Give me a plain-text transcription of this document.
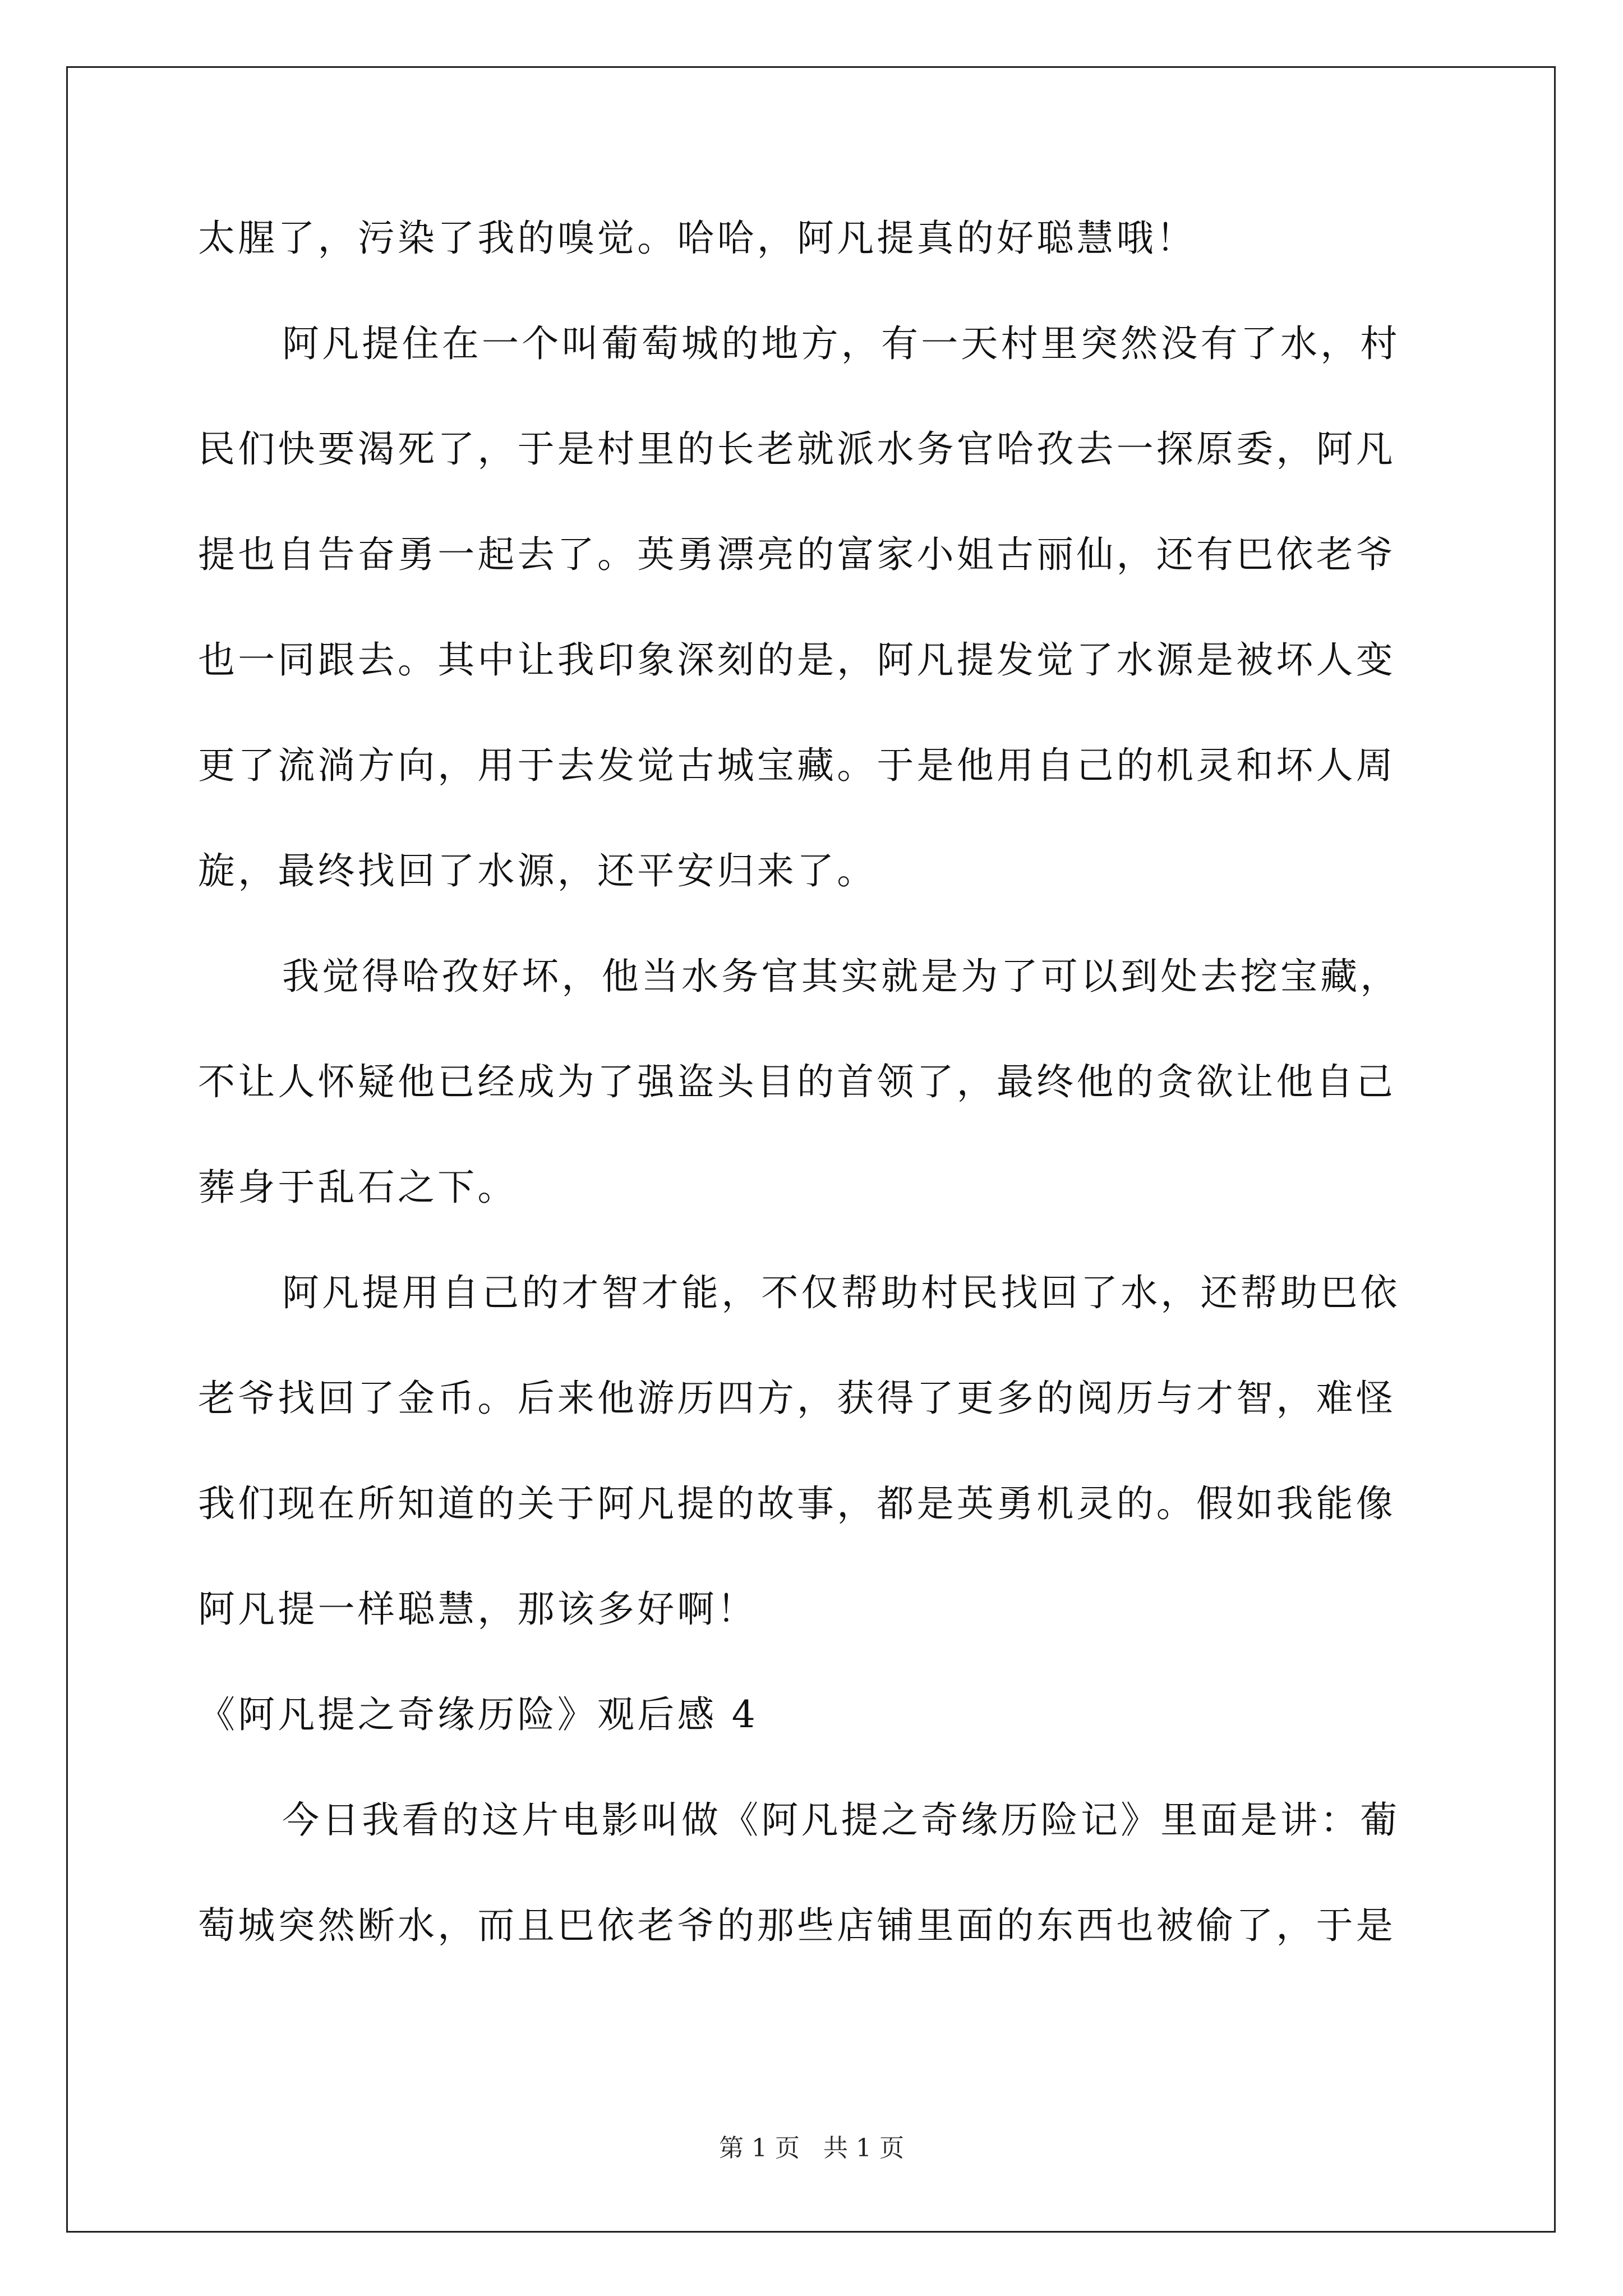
太腥了，污染了我的嗅觉。哈哈，阿凡提真的好聪慧哦！
阿凡提住在一个叫葡萄城的地方，有一天村里突然没有了水，村
民们快要渴死了，于是村里的长老就派水务官哈孜去一探原委，阿凡
提也自告奋勇一起去了。英勇漂亮的富家小姐古丽仙，还有巴依老爷
也一同跟去。其中让我印象深刻的是，阿凡提发觉了水源是被坏人变
更了流淌方向，用于去发觉古城宝藏。于是他用自己的机灵和坏人周
旋，最终找回了水源，还平安归来了。
我觉得哈孜好坏，他当水务官其实就是为了可以到处去挖宝藏，
不让人怀疑他已经成为了强盗头目的首领了，最终他的贪欲让他自己
葬身于乱石之下。
阿凡提用自己的才智才能，不仅帮助村民找回了水，还帮助巴依
老爷找回了金币。后来他游历四方，获得了更多的阅历与才智，难怪
我们现在所知道的关于阿凡提的故事，都是英勇机灵的。假如我能像
阿凡提一样聪慧，那该多好啊！
《阿凡提之奇缘历险》观后感 4
今日我看的这片电影叫做《阿凡提之奇缘历险记》里面是讲：葡
萄城突然断水，而且巴依老爷的那些店铺里面的东西也被偷了，于是
第 1 页   共 1 页
